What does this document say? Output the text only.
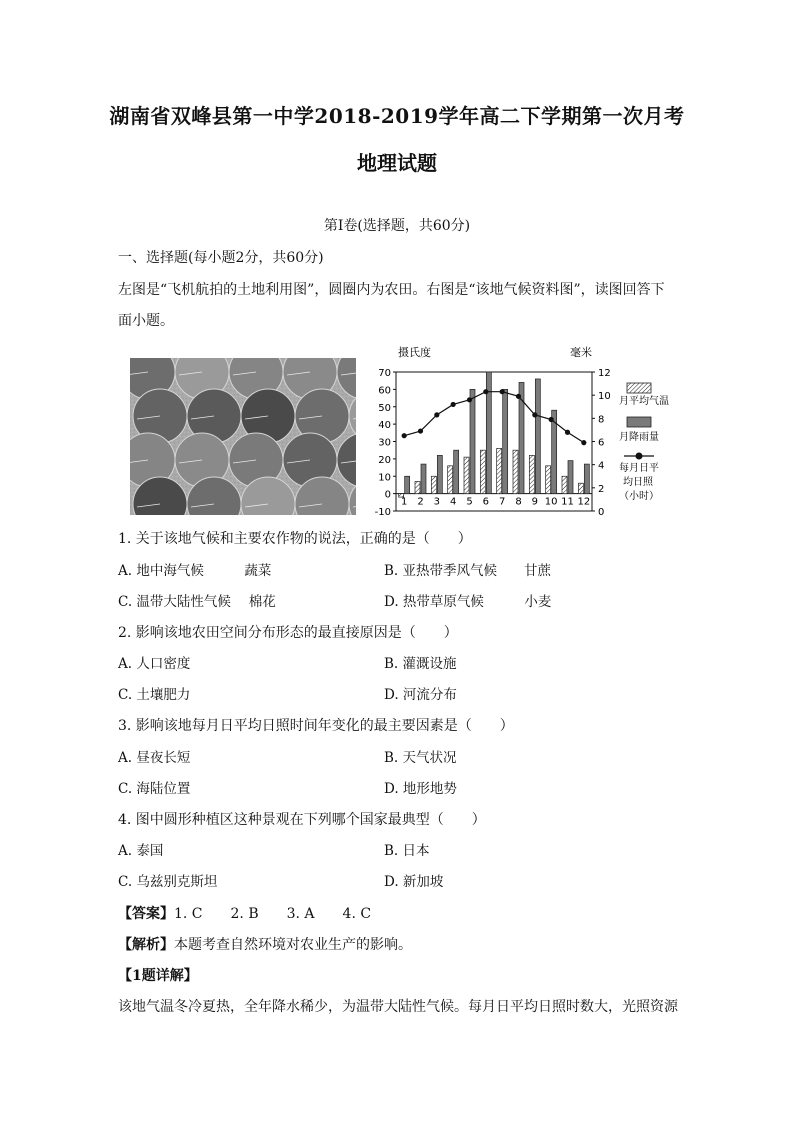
湖南省双峰县第一中学2018-2019学年高二下学期第一次月考
地理试题
第Ⅰ卷(选择题，共60分)
一、选择题(每小题2分，共60分)
左图是“飞机航拍的土地利用图”，圆圈内为农田。右图是“该地气候资料图”，读图回答下
面小题。
摄氏度	毫米
70
60
50
40
30
20
10
0
-10
12
10
8
6
4
2
0
1 2 3 4 5 6 7 8 9 10 11 12
月平均气温
月降雨量
每月日平
均日照
（小时）
1. 关于该地气候和主要农作物的说法，正确的是（　　）
A. 地中海气候　　　蔬菜	B. 亚热带季风气候　　甘蔗
C. 温带大陆性气候　 棉花	D. 热带草原气候　　　小麦
2. 影响该地农田空间分布形态的最直接原因是（　　）
A. 人口密度	B. 灌溉设施
C. 土壤肥力	D. 河流分布
3. 影响该地每月日平均日照时间年变化的最主要因素是（　　）
A. 昼夜长短	B. 天气状况
C. 海陆位置	D. 地形地势
4. 图中圆形种植区这种景观在下列哪个国家最典型（　　）
A. 泰国	B. 日本
C. 乌兹别克斯坦	D. 新加坡
【答案】1. C　　2. B　　3. A　　4. C
【解析】本题考查自然环境对农业生产的影响。
【1题详解】
该地气温冬冷夏热，全年降水稀少，为温带大陆性气候。每月日平均日照时数大，光照资源
